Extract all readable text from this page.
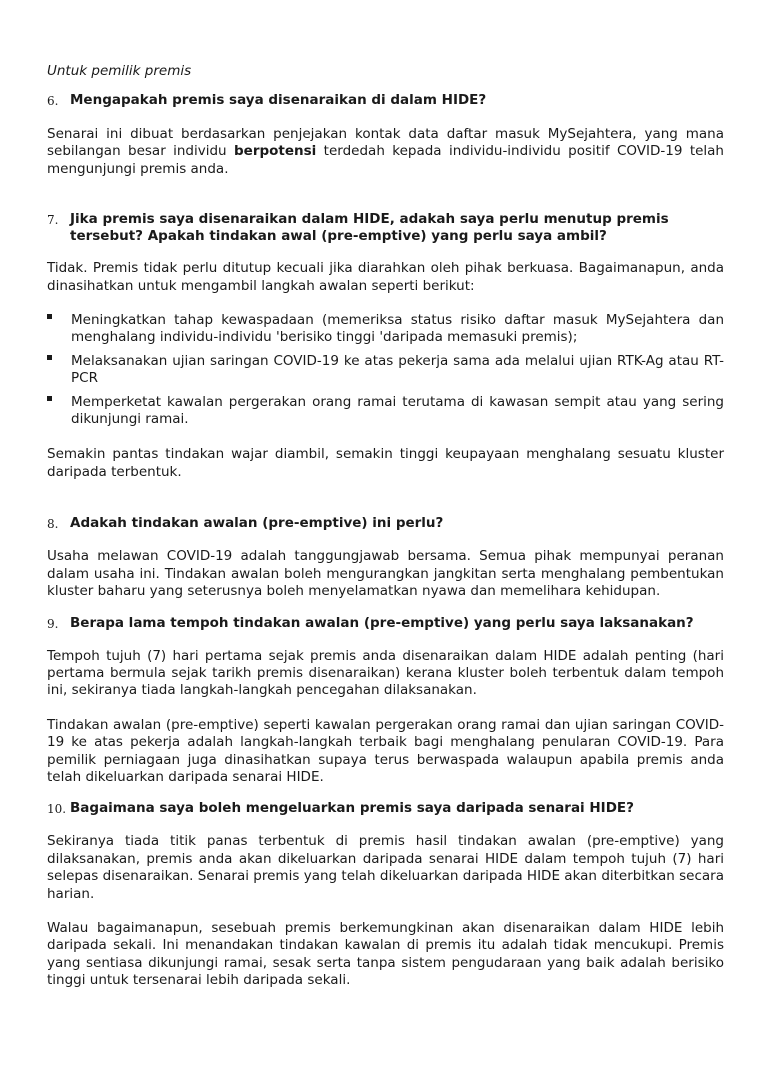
Untuk pemilik premis
6. Mengapakah premis saya disenaraikan di dalam HIDE?

Senarai ini dibuat berdasarkan penjejakan kontak data daftar masuk MySejahtera, yang mana sebilangan besar individu berpotensi terdedah kepada individu-individu positif COVID-19 telah mengunjungi premis anda.

7. Jika premis saya disenaraikan dalam HIDE, adakah saya perlu menutup premis tersebut? Apakah tindakan awal (pre-emptive) yang perlu saya ambil?

Tidak. Premis tidak perlu ditutup kecuali jika diarahkan oleh pihak berkuasa. Bagaimanapun, anda dinasihatkan untuk mengambil langkah awalan seperti berikut:

Meningkatkan tahap kewaspadaan (memeriksa status risiko daftar masuk MySejahtera dan menghalang individu-individu 'berisiko tinggi 'daripada memasuki premis);
Melaksanakan ujian saringan COVID-19 ke atas pekerja sama ada melalui ujian RTK-Ag atau RT-PCR
Memperketat kawalan pergerakan orang ramai terutama di kawasan sempit atau yang sering dikunjungi ramai.

Semakin pantas tindakan wajar diambil, semakin tinggi keupayaan menghalang sesuatu kluster daripada terbentuk.

8. Adakah tindakan awalan (pre-emptive) ini perlu?

Usaha melawan COVID-19 adalah tanggungjawab bersama. Semua pihak mempunyai peranan dalam usaha ini. Tindakan awalan boleh mengurangkan jangkitan serta menghalang pembentukan kluster baharu yang seterusnya boleh menyelamatkan nyawa dan memelihara kehidupan.

9. Berapa lama tempoh tindakan awalan (pre-emptive) yang perlu saya laksanakan?

Tempoh tujuh (7) hari pertama sejak premis anda disenaraikan dalam HIDE adalah penting (hari pertama bermula sejak tarikh premis disenaraikan) kerana kluster boleh terbentuk dalam tempoh ini, sekiranya tiada langkah-langkah pencegahan dilaksanakan.

Tindakan awalan (pre-emptive) seperti kawalan pergerakan orang ramai dan ujian saringan COVID-19 ke atas pekerja adalah langkah-langkah terbaik bagi menghalang penularan COVID-19. Para pemilik perniagaan juga dinasihatkan supaya terus berwaspada walaupun apabila premis anda telah dikeluarkan daripada senarai HIDE.

10. Bagaimana saya boleh mengeluarkan premis saya daripada senarai HIDE?

Sekiranya tiada titik panas terbentuk di premis hasil tindakan awalan (pre-emptive) yang dilaksanakan, premis anda akan dikeluarkan daripada senarai HIDE dalam tempoh tujuh (7) hari selepas disenaraikan. Senarai premis yang telah dikeluarkan daripada HIDE akan diterbitkan secara harian.

Walau bagaimanapun, sesebuah premis berkemungkinan akan disenaraikan dalam HIDE lebih daripada sekali. Ini menandakan tindakan kawalan di premis itu adalah tidak mencukupi. Premis yang sentiasa dikunjungi ramai, sesak serta tanpa sistem pengudaraan yang baik adalah berisiko tinggi untuk tersenarai lebih daripada sekali.
